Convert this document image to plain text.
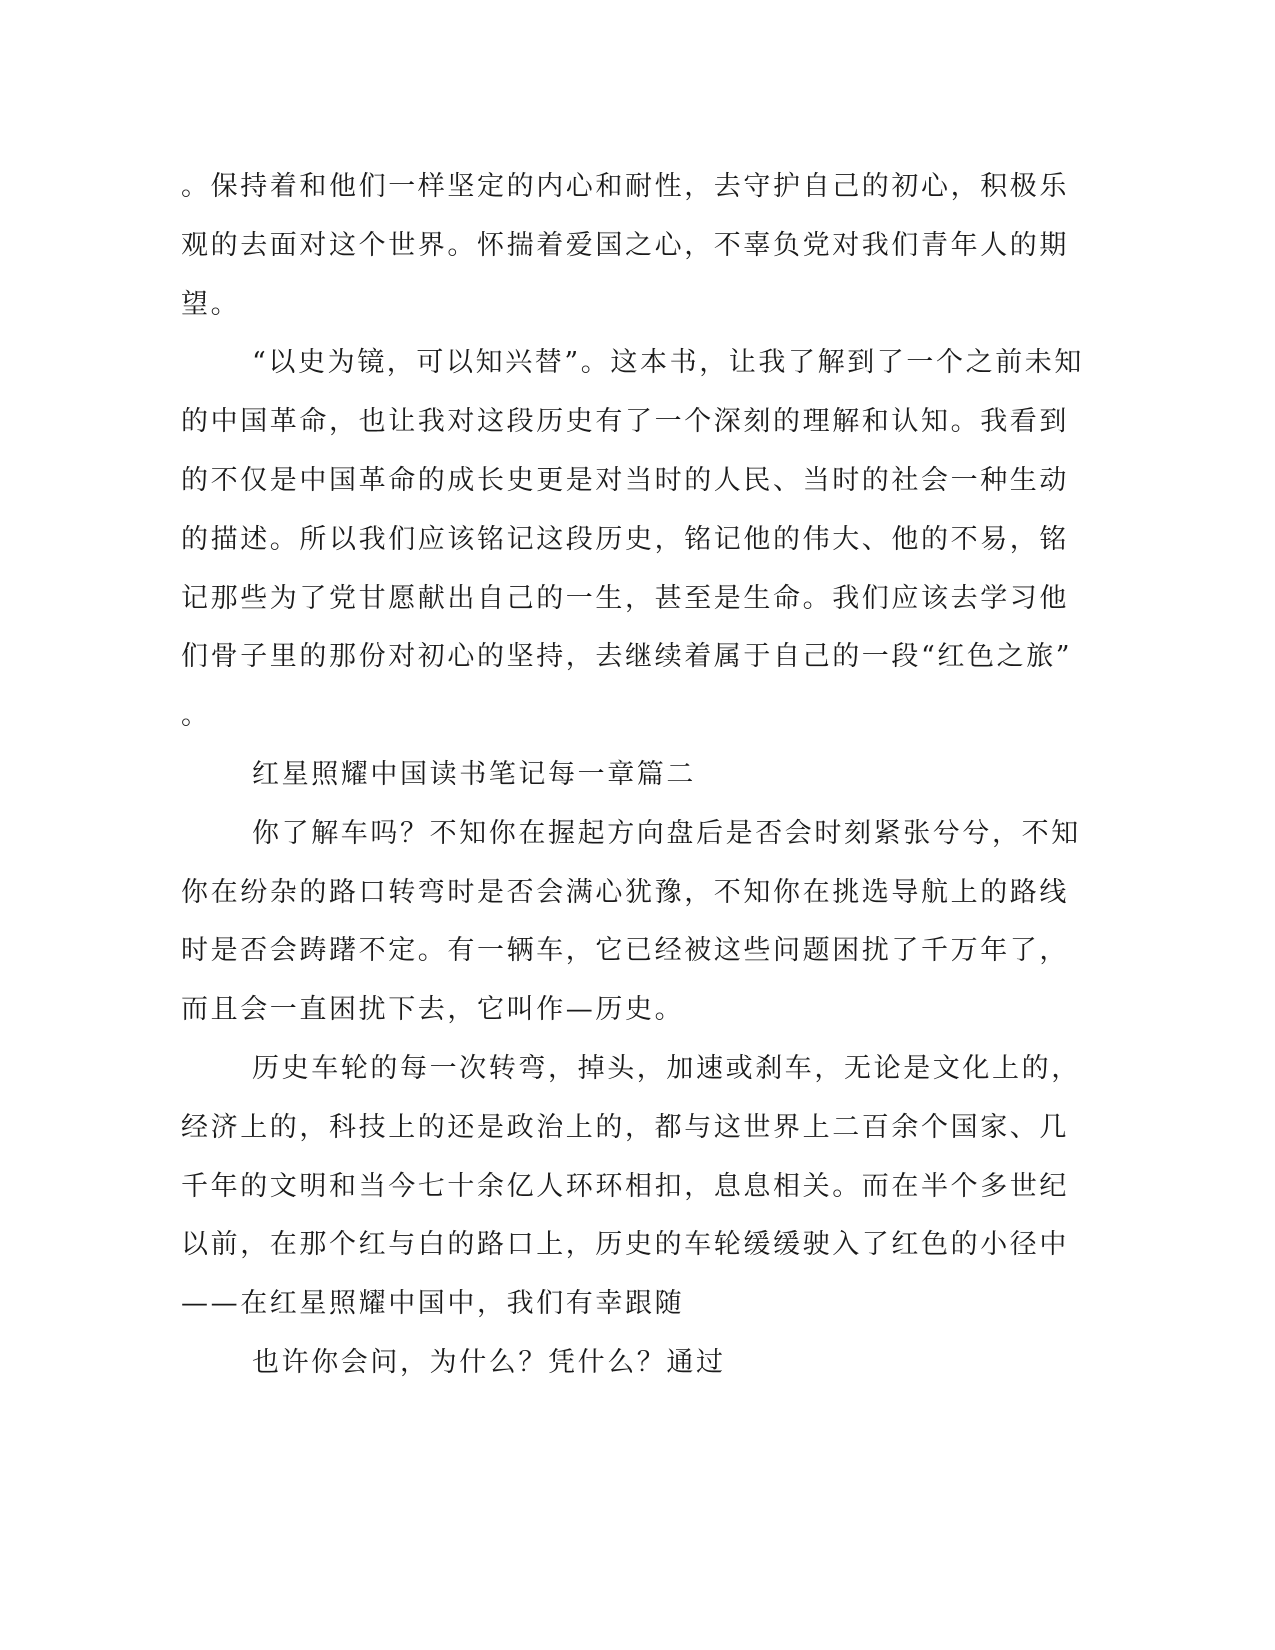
。保持着和他们一样坚定的内心和耐性，去守护自己的初心，积极乐
观的去面对这个世界。怀揣着爱国之心，不辜负党对我们青年人的期
望。
“以史为镜，可以知兴替”。这本书，让我了解到了一个之前未知
的中国革命，也让我对这段历史有了一个深刻的理解和认知。我看到
的不仅是中国革命的成长史更是对当时的人民、当时的社会一种生动
的描述。所以我们应该铭记这段历史，铭记他的伟大、他的不易，铭
记那些为了党甘愿献出自己的一生，甚至是生命。我们应该去学习他
们骨子里的那份对初心的坚持，去继续着属于自己的一段“红色之旅”
。
红星照耀中国读书笔记每一章篇二
你了解车吗？不知你在握起方向盘后是否会时刻紧张兮兮，不知
你在纷杂的路口转弯时是否会满心犹豫，不知你在挑选导航上的路线
时是否会踌躇不定。有一辆车，它已经被这些问题困扰了千万年了，
而且会一直困扰下去，它叫作—历史。
历史车轮的每一次转弯，掉头，加速或刹车，无论是文化上的，
经济上的，科技上的还是政治上的，都与这世界上二百余个国家、几
千年的文明和当今七十余亿人环环相扣，息息相关。而在半个多世纪
以前，在那个红与白的路口上，历史的车轮缓缓驶入了红色的小径中
——在红星照耀中国中，我们有幸跟随
也许你会问，为什么？凭什么？通过
